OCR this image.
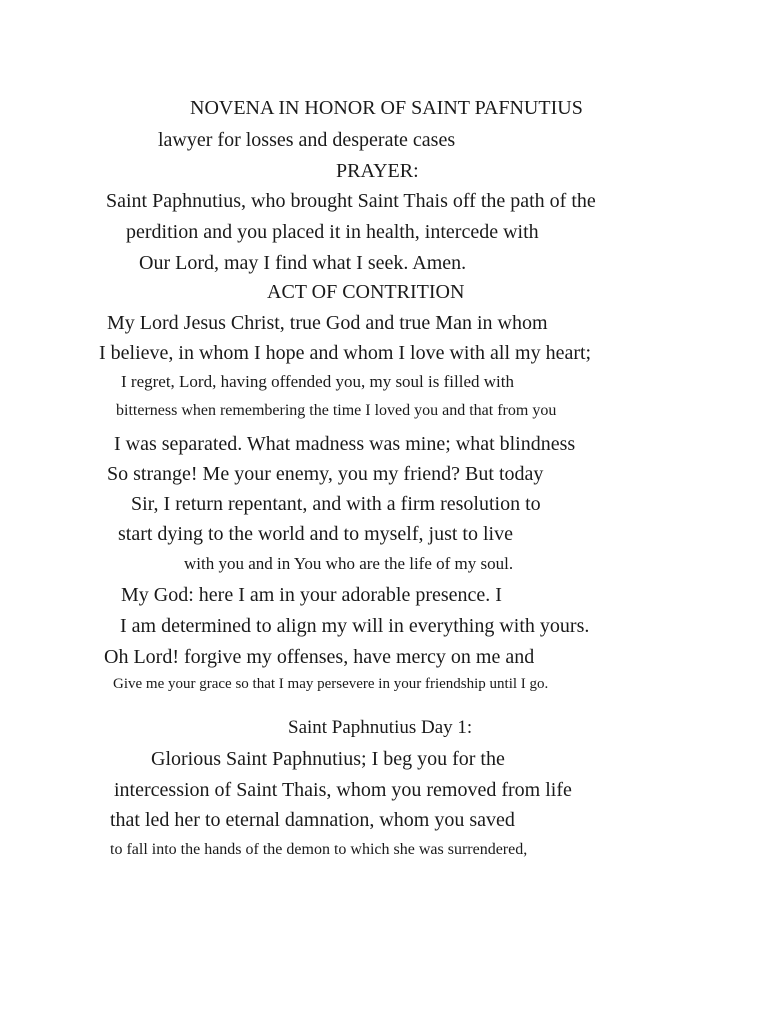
NOVENA IN HONOR OF SAINT PAFNUTIUS
lawyer for losses and desperate cases
PRAYER:
Saint Paphnutius, who brought Saint Thais off the path of the
perdition and you placed it in health, intercede with
Our Lord, may I find what I seek. Amen.
ACT OF CONTRITION
My Lord Jesus Christ, true God and true Man in whom
I believe, in whom I hope and whom I love with all my heart;
I regret, Lord, having offended you, my soul is filled with
bitterness when remembering the time I loved you and that from you
I was separated. What madness was mine; what blindness
So strange! Me your enemy, you my friend? But today
Sir, I return repentant, and with a firm resolution to
start dying to the world and to myself, just to live
with you and in You who are the life of my soul.
My God: here I am in your adorable presence. I
I am determined to align my will in everything with yours.
Oh Lord! forgive my offenses, have mercy on me and
Give me your grace so that I may persevere in your friendship until I go.
Saint Paphnutius Day 1:
Glorious Saint Paphnutius; I beg you for the
intercession of Saint Thais, whom you removed from life
that led her to eternal damnation, whom you saved
to fall into the hands of the demon to which she was surrendered,
